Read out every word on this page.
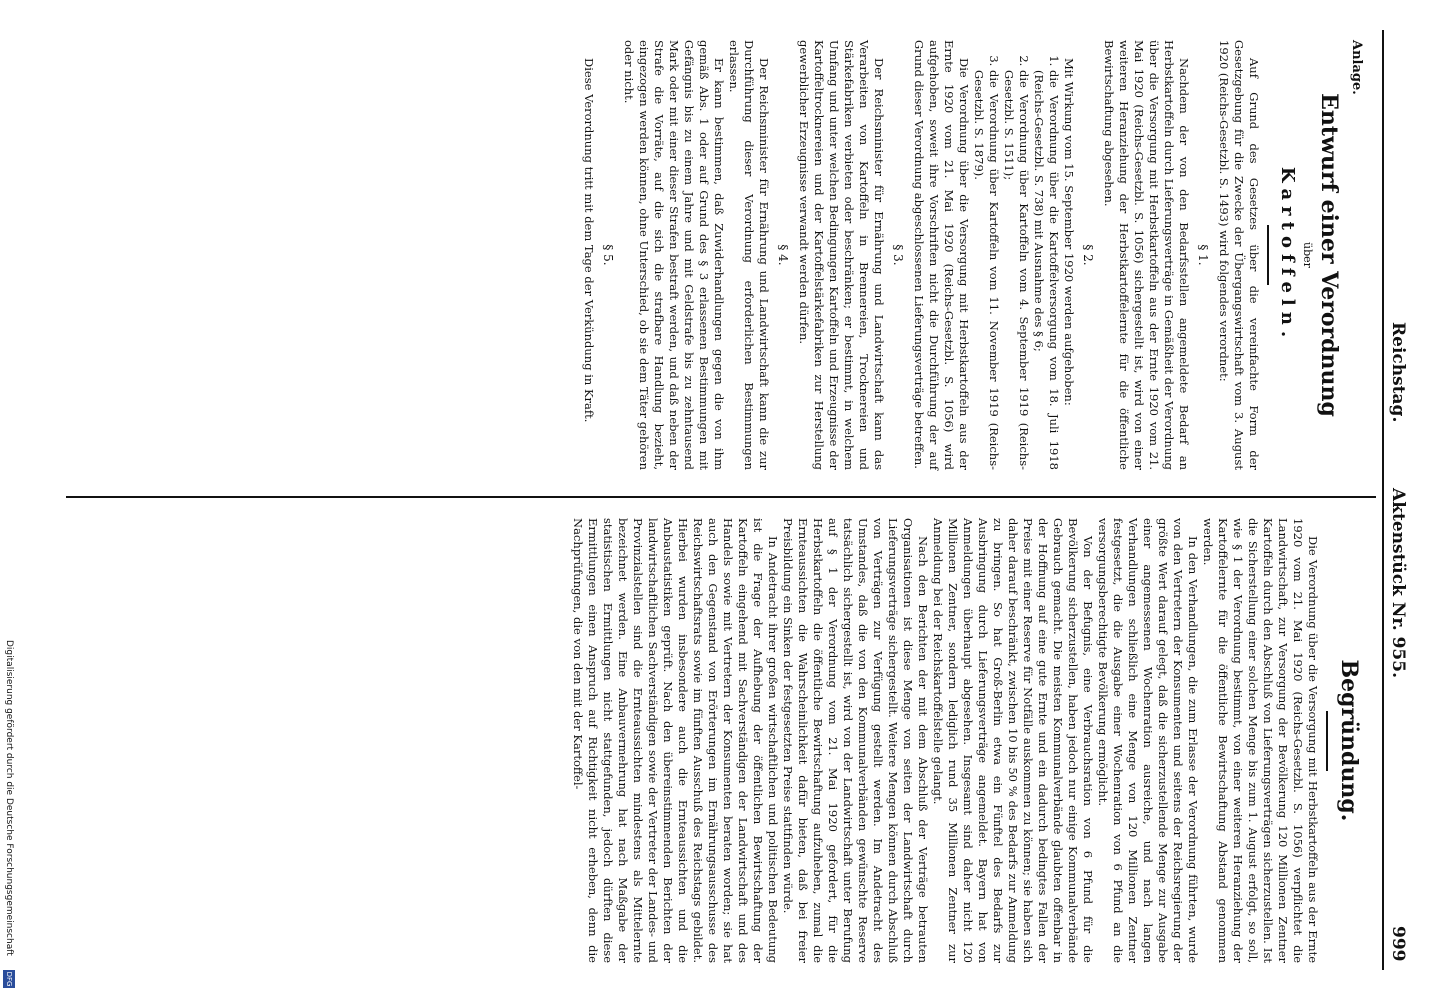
Reichstag.
Aktenstück Nr. 955.
999
Anlage.
Entwurf einer Verordnung
über
Kartoffeln.

Auf Grund des Gesetzes über die vereinfachte Form der Gesetzgebung für die Zwecke der Übergangswirtschaft vom 3. August 1920 (Reichs-Gesetzbl. S. 1493) wird folgendes verordnet:

§ 1.

Nachdem der von den Bedarfsstellen angemeldete Bedarf an Herbstkartoffeln durch Lieferungsverträge in Gemäßheit der Verordnung über die Versorgung mit Herbstkartoffeln aus der Ernte 1920 vom 21. Mai 1920 (Reichs-Gesetzbl. S. 1056) sichergestellt ist, wird von einer weiteren Heranziehung der Herbstkartoffelernte für die öffentliche Bewirtschaftung abgesehen.

§ 2.

Mit Wirkung vom 15. September 1920 werden aufgehoben:

1. die Verordnung über die Kartoffelversorgung vom 18. Juli 1918 (Reichs-Gesetzbl. S. 738) mit Ausnahme des § 6;
2. die Verordnung über Kartoffeln vom 4. September 1919 (Reichs-Gesetzbl. S. 1511);
3. die Verordnung über Kartoffeln vom 11. November 1919 (Reichs-Gesetzbl. S. 1879).

Die Verordnung über die Versorgung mit Herbstkartoffeln aus der Ernte 1920 vom 21. Mai 1920 (Reichs-Gesetzbl. S. 1056) wird aufgehoben, soweit ihre Vorschriften nicht die Durchführung der auf Grund dieser Verordnung abgeschlossenen Lieferungsverträge betreffen.

§ 3.

Der Reichsminister für Ernährung und Landwirtschaft kann das Verarbeiten von Kartoffeln in Brennereien, Trocknereien und Stärkefabriken verbieten oder beschränken; er bestimmt, in welchem Umfang und unter welchen Bedingungen Kartoffeln und Erzeugnisse der Kartoffeltrocknereien und der Kartoffelstärkefabriken zur Herstellung gewerblicher Erzeugnisse verwandt werden dürfen.

§ 4.

Der Reichsminister für Ernährung und Landwirtschaft kann die zur Durchführung dieser Verordnung erforderlichen Bestimmungen erlassen.

Er kann bestimmen, daß Zuwiderhandlungen gegen die von ihm gemäß Abs. 1 oder auf Grund des § 3 erlassenen Bestimmungen mit Gefängnis bis zu einem Jahre und mit Geldstrafe bis zu zehntausend Mark oder mit einer dieser Strafen bestraft werden, und daß neben der Strafe die Vorräte, auf die sich die strafbare Handlung bezieht, eingezogen werden können, ohne Unterschied, ob sie dem Täter gehören oder nicht.

§ 5.

Diese Verordnung tritt mit dem Tage der Verkündung in Kraft.

Begründung.

Die Verordnung über die Versorgung mit Herbstkartoffeln aus der Ernte 1920 vom 21. Mai 1920 (Reichs-Gesetzbl. S. 1056) verpflichtet die Landwirtschaft, zur Versorgung der Bevölkerung 120 Millionen Zentner Kartoffeln durch den Abschluß von Lieferungsverträgen sicherzustellen. Ist die Sicherstellung einer solchen Menge bis zum 1. August erfolgt, so soll, wie § 1 der Verordnung bestimmt, von einer weiteren Heranziehung der Kartoffelernte für die öffentliche Bewirtschaftung Abstand genommen werden.

In den Verhandlungen, die zum Erlasse der Verordnung führten, wurde von den Vertretern der Konsumenten und seitens der Reichsregierung der größte Wert darauf gelegt, daß die sicherzustellende Menge zur Ausgabe einer angemessenen Wochenration ausreiche, und nach langen Verhandlungen schließlich eine Menge von 120 Millionen Zentner festgesetzt, die die Ausgabe einer Wochenration von 6 Pfund an die versorgungsberechtigte Bevölkerung ermöglicht.

Von der Befugnis, eine Verbrauchsration von 6 Pfund für die Bevölkerung sicherzustellen, haben jedoch nur einige Kommunalverbände Gebrauch gemacht. Die meisten Kommunalverbände glaubten offenbar in der Hoffnung auf eine gute Ernte und ein dadurch bedingtes Fallen der Preise mit einer Reserve für Notfälle auskommen zu können; sie haben sich daher darauf beschränkt, zwischen 10 bis 50 % des Bedarfs zur Anmeldung zu bringen. So hat Groß-Berlin etwa ein Fünftel des Bedarfs zur Ausbringung durch Lieferungsverträge angemeldet. Bayern hat von Anmeldungen überhaupt abgesehen. Insgesamt sind daher nicht 120 Millionen Zentner, sondern lediglich rund 35 Millionen Zentner zur Anmeldung bei der Reichskartoffelstelle gelangt.

Nach den Berichten der mit dem Abschluß der Verträge betrauten Organisationen ist diese Menge von seiten der Landwirtschaft durch Lieferungsverträge sichergestellt. Weitere Mengen können durch Abschluß von Verträgen zur Verfügung gestellt werden. Im Andetracht des Umstandes, daß die von den Kommunalverbänden gewünschte Reserve tatsächlich sichergestellt ist, wird von der Landwirtschaft unter Berufung auf § 1 der Verordnung vom 21. Mai 1920 gefordert, für die Herbstkartoffeln die öffentliche Bewirtschaftung aufzuheben, zumal die Ernteaussichten die Wahrscheinlichkeit dafür bieten, daß bei freier Preisbildung ein Sinken der festgesetzten Preise stattfinden würde.

In Andetracht ihrer großen wirtschaftlichen und politischen Bedeutung ist die Frage der Aufhebung der öffentlichen Bewirtschaftung der Kartoffeln eingehend mit Sachverständigen der Landwirtschaft und des Handels sowie mit Vertretern der Konsumenten beraten worden; sie hat auch den Gegenstand von Erörterungen im Ernährungsausschusse des Reichswirtschaftsrats sowie im fünften Ausschuß des Reichstags gebildet. Hierbei wurden insbesondere auch die Ernteaussichten und die Anbaustatistiken geprüft. Nach den übereinstimmenden Berichten der landwirtschaftlichen Sachverständigen sowie der Vertreter der Landes- und Provinzialstellen sind die Ernteaussichten mindestens als Mittelernte bezeichnet werden. Eine Anbauvermehrung hat nach Maßgabe der statistischen Ermittlungen nicht stattgefunden, jedoch dürften diese Ermittlungen einen Anspruch auf Richtigkeit nicht erheben, denn die Nachprüfungen, die von den mit der Kartoffel-

Digitalisierung gefördert durch die Deutsche Forschungsgemeinschaft
DFG
